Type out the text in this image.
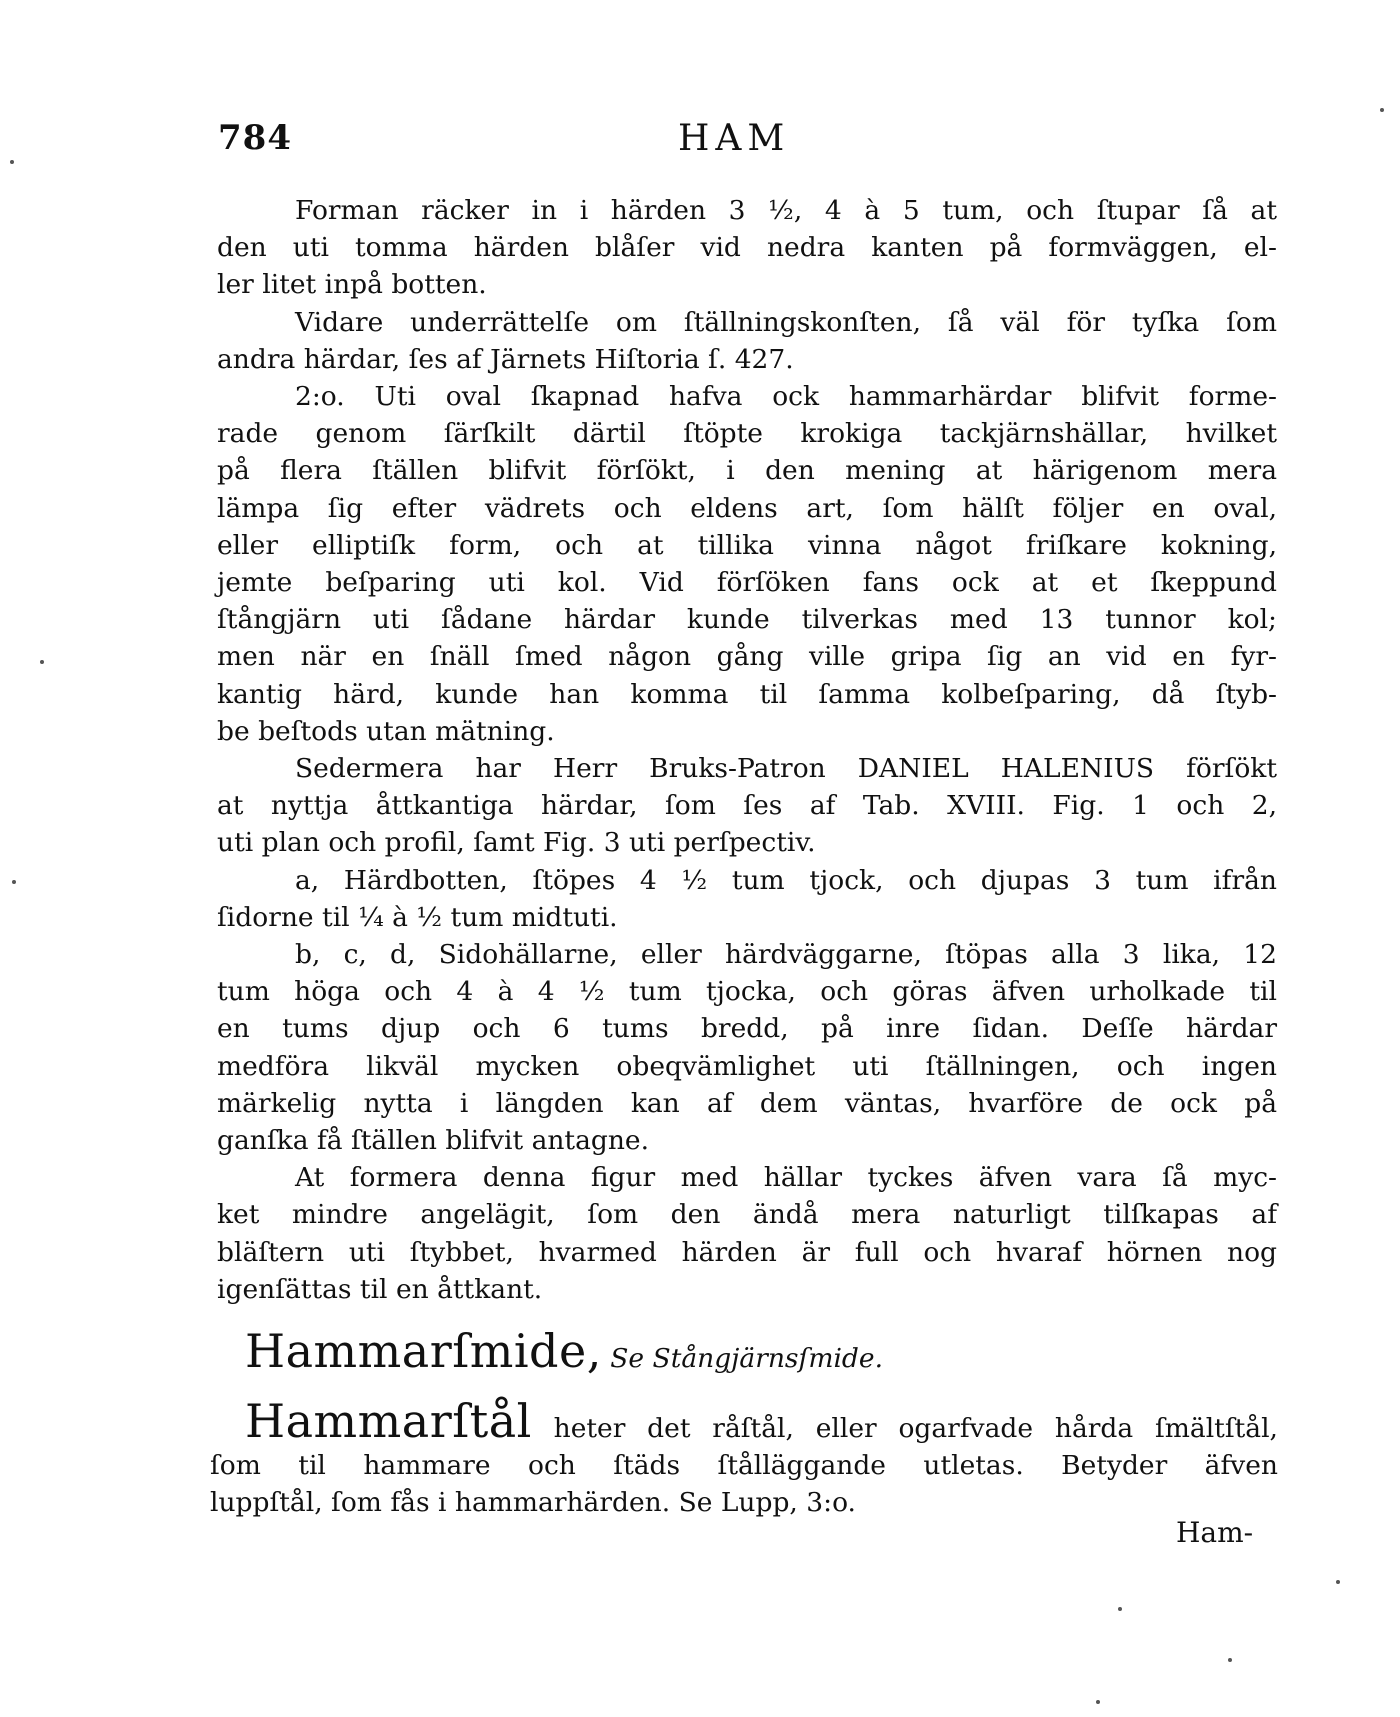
784	HAM
Forman räcker in i härden 3 ½, 4 à 5 tum, och ſtupar ſå at
den uti tomma härden blåſer vid nedra kanten på formväggen, el-
ler litet inpå botten.
Vidare underrättelſe om ſtällningskonſten, ſå väl för tyſka ſom
andra härdar, ſes af Järnets Hiſtoria ſ. 427.
2:o. Uti oval ſkapnad hafva ock hammarhärdar blifvit forme-
rade genom ſärſkilt därtil ſtöpte krokiga tackjärnshällar, hvilket
på flera ſtällen blifvit förſökt, i den mening at härigenom mera
lämpa ſig efter vädrets och eldens art, ſom hälſt följer en oval,
eller elliptiſk form, och at tillika vinna något friſkare kokning,
jemte beſparing uti kol. Vid förſöken fans ock at et ſkeppund
ſtångjärn uti ſådane härdar kunde tilverkas med 13 tunnor kol;
men när en ſnäll ſmed någon gång ville gripa ſig an vid en fyr-
kantig härd, kunde han komma til ſamma kolbeſparing, då ſtyb-
be beſtods utan mätning.
Sedermera har Herr Bruks-Patron DANIEL HALENIUS förſökt
at nyttja åttkantiga härdar, ſom ſes af Tab. XVIII. Fig. 1 och 2,
uti plan och profil, ſamt Fig. 3 uti perſpectiv.
a, Härdbotten, ſtöpes 4 ½ tum tjock, och djupas 3 tum ifrån
ſidorne til ¼ à ½ tum midtuti.
b, c, d, Sidohällarne, eller härdväggarne, ſtöpas alla 3 lika, 12
tum höga och 4 à 4 ½ tum tjocka, och göras äfven urholkade til
en tums djup och 6 tums bredd, på inre ſidan. Deſſe härdar
medföra likväl mycken obeqvämlighet uti ſtällningen, och ingen
märkelig nytta i längden kan af dem väntas, hvarföre de ock på
ganſka få ſtällen blifvit antagne.
At formera denna figur med hällar tyckes äfven vara ſå myc-
ket mindre angelägit, ſom den ändå mera naturligt tilſkapas af
bläſtern uti ſtybbet, hvarmed härden är full och hvaraf hörnen nog
igenſättas til en åttkant.
Hammarſmide, Se Stångjärnsſmide.
Hammarſtål heter det råſtål, eller ogarfvade hårda ſmältſtål,
ſom til hammare och ſtäds ſtålläggande utletas. Betyder äfven
luppſtål, ſom fås i hammarhärden. Se Lupp, 3:o.
Ham-
